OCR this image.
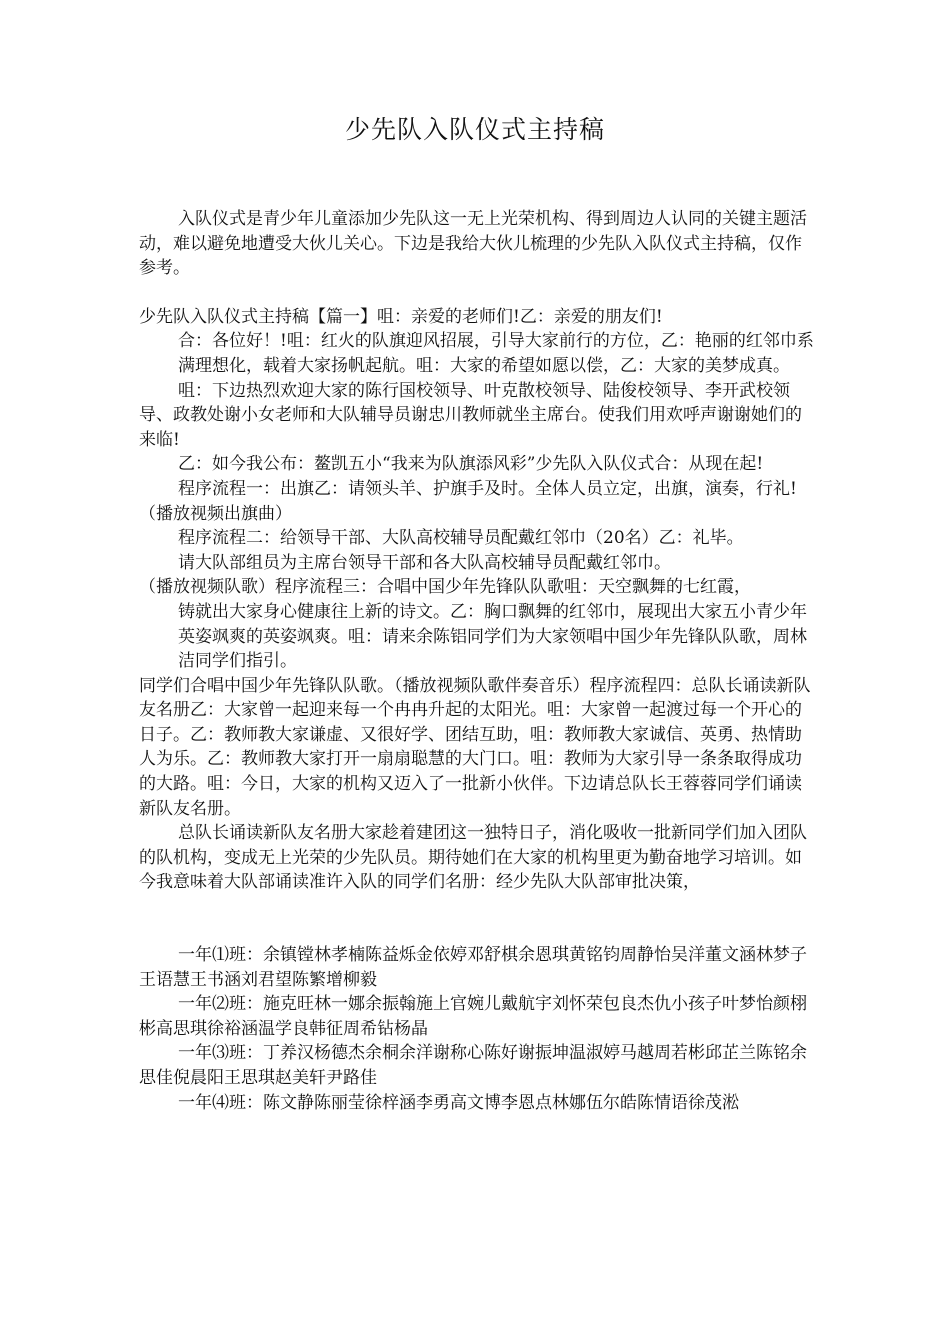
少先队入队仪式主持稿

入队仪式是青少年儿童添加少先队这一无上光荣机构、得到周边人认同的关键主题活动，难以避免地遭受大伙儿关心。下边是我给大伙儿梳理的少先队入队仪式主持稿，仅作参考。

少先队入队仪式主持稿【篇一】咀：亲爱的老师们!乙：亲爱的朋友们!

合：各位好！!咀：红火的队旗迎风招展，引导大家前行的方位，乙：艳丽的红邻巾系满理想化，载着大家扬帆起航。咀：大家的希望如愿以偿，乙：大家的美梦成真。

咀：下边热烈欢迎大家的陈行国校领导、叶克散校领导、陆俊校领导、李开武校领导、政教处谢小女老师和大队辅导员谢忠川教师就坐主席台。使我们用欢呼声谢谢她们的来临!

乙：如今我公布：鳌凯五小“我来为队旗添风彩”少先队入队仪式合：从现在起!

程序流程一：出旗乙：请领头羊、护旗手及时。全体人员立定，出旗，演奏，行礼!（播放视频出旗曲）

程序流程二：给领导干部、大队高校辅导员配戴红邻巾（20名）乙：礼毕。

请大队部组员为主席台领导干部和各大队高校辅导员配戴红邻巾。

（播放视频队歌）程序流程三：合唱中国少年先锋队队歌咀：天空飘舞的七红霞，

铸就出大家身心健康往上新的诗文。乙：胸口飘舞的红邻巾，展现出大家五小青少年英姿飒爽的英姿飒爽。咀：请来余陈铝同学们为大家领唱中国少年先锋队队歌，周林洁同学们指引。

同学们合唱中国少年先锋队队歌。（播放视频队歌伴奏音乐）程序流程四：总队长诵读新队友名册乙：大家曾一起迎来每一个冉冉升起的太阳光。咀：大家曾一起渡过每一个开心的日子。乙：教师教大家谦虚、又很好学、团结互助，咀：教师教大家诚信、英勇、热情助人为乐。乙：教师教大家打开一扇扇聪慧的大门口。咀：教师为大家引导一条条取得成功的大路。咀：今日，大家的机构又迈入了一批新小伙伴。下边请总队长王蓉蓉同学们诵读新队友名册。

总队长诵读新队友名册大家趁着建团这一独特日子，消化吸收一批新同学们加入团队的队机构，变成无上光荣的少先队员。期待她们在大家的机构里更为勤奋地学习培训。如今我意味着大队部诵读准许入队的同学们名册：经少先队大队部审批决策，

一年⑴班：余镇镗林孝楠陈益烁金依婷邓舒棋余恩琪黄铭钧周静怡吴洋董文涵林梦子王语慧王书涵刘君望陈繁增柳毅

一年⑵班：施克旺林一娜余振翰施上官婉儿戴航宇刘怀荣包良杰仇小孩子叶梦怡颜栩彬高思琪徐裕涵温学良韩征周希钻杨晶

一年⑶班：丁养汉杨德杰余桐余洋谢称心陈好谢振坤温淑婷马越周若彬邱芷兰陈铭余思佳倪晨阳王思琪赵美轩尹路佳

一年⑷班：陈文静陈丽莹徐梓涵李勇高文博李恩点林娜伍尔皓陈情语徐茂淞
